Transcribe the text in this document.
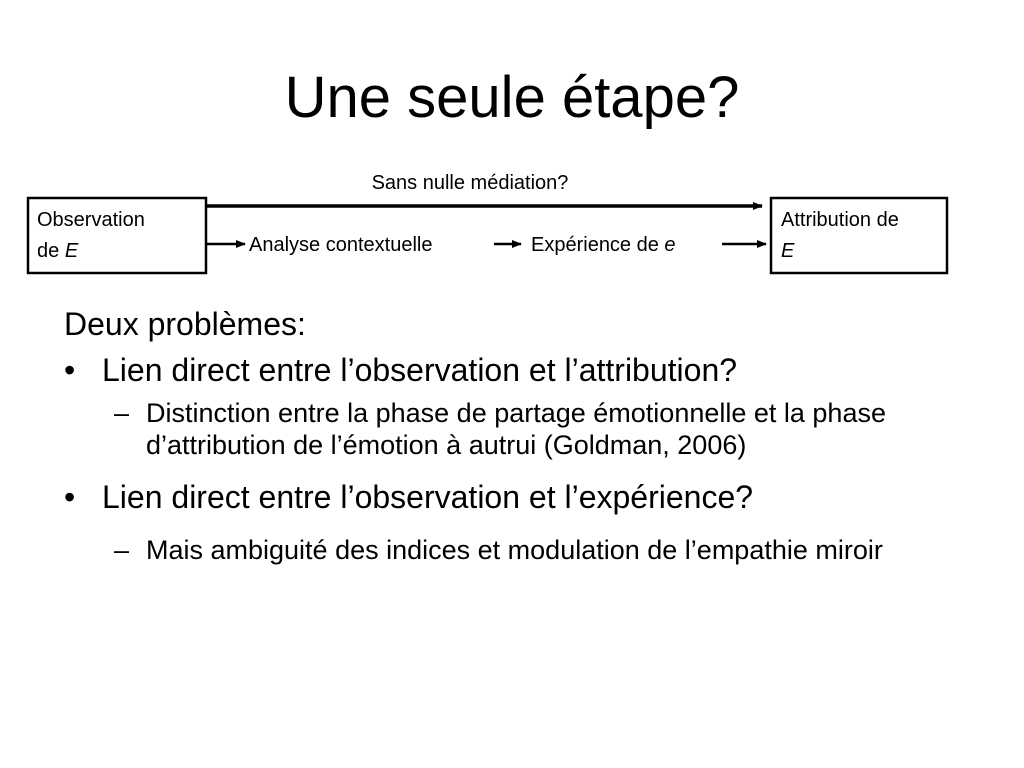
Une seule étape?
Sans nulle médiation?
Observation
de E
Attribution de
E
Analyse contextuelle	Expérience de e

Deux problèmes:

• Lien direct entre l’observation et l’attribution?
– Distinction entre la phase de partage émotionnelle et la phase d’attribution de l’émotion à autrui (Goldman, 2006)
• Lien direct entre l’observation et l’expérience?
– Mais ambiguité des indices et modulation de l’empathie miroir
